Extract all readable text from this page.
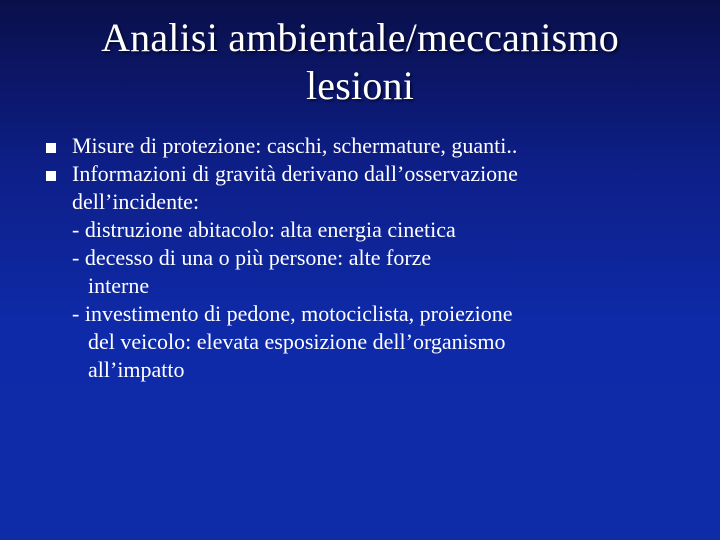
Analisi ambientale/meccanismo
lesioni
Misure di protezione: caschi, schermature, guanti..
Informazioni di gravità derivano dall’osservazione
dell’incidente:
- distruzione abitacolo: alta energia cinetica
- decesso di una o più persone: alte forze
interne
- investimento di pedone, motociclista, proiezione
del veicolo: elevata esposizione dell’organismo
all’impatto
